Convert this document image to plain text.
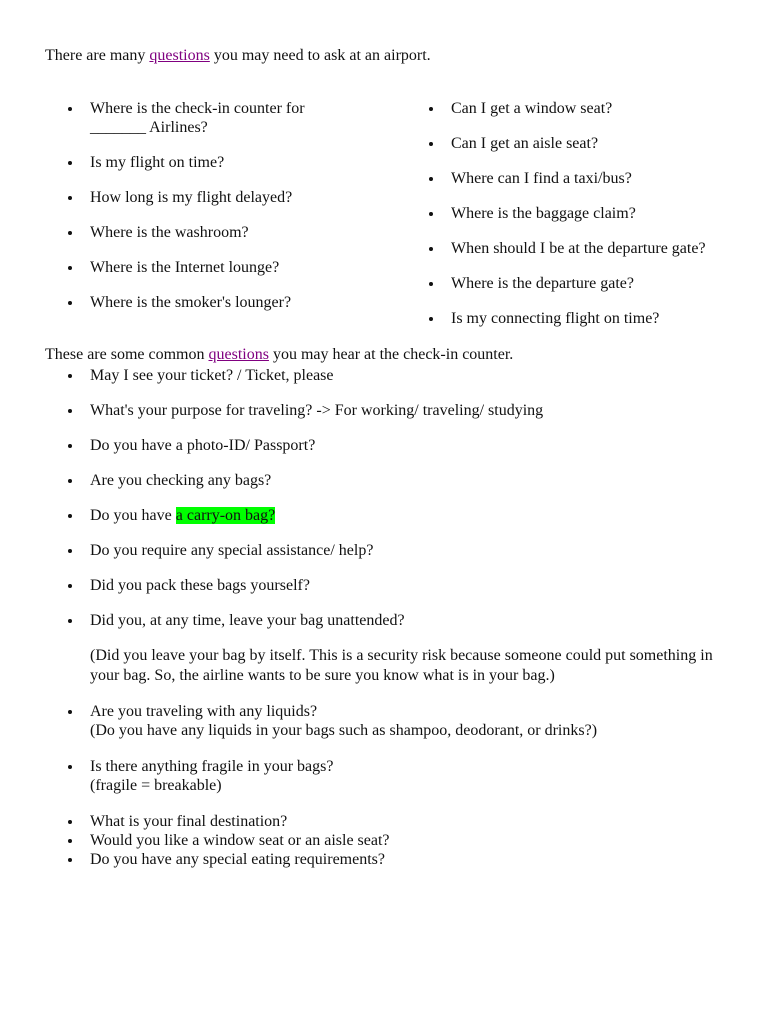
There are many questions you may need to ask at an airport.

Where is the check-in counter for _______ Airlines?
Is my flight on time?
How long is my flight delayed?
Where is the washroom?
Where is the Internet lounge?
Where is the smoker's lounger?
Can I get a window seat?
Can I get an aisle seat?
Where can I find a taxi/bus?
Where is the baggage claim?
When should I be at the departure gate?
Where is the departure gate?
Is my connecting flight on time?

These are some common questions you may hear at the check-in counter.

May I see your ticket? / Ticket, please
What's your purpose for traveling? -> For working/ traveling/ studying
Do you have a photo-ID/ Passport?
Are you checking any bags?
Do you have a carry-on bag?
Do you require any special assistance/ help?
Did you pack these bags yourself?
Did you, at any time, leave your bag unattended?

(Did you leave your bag by itself. This is a security risk because someone could put something in your bag. So, the airline wants to be sure you know what is in your bag.)

Are you traveling with any liquids?

(Do you have any liquids in your bags such as shampoo, deodorant, or drinks?)

Is there anything fragile in your bags?

(fragile = breakable)

What is your final destination?
Would you like a window seat or an aisle seat?
Do you have any special eating requirements?
